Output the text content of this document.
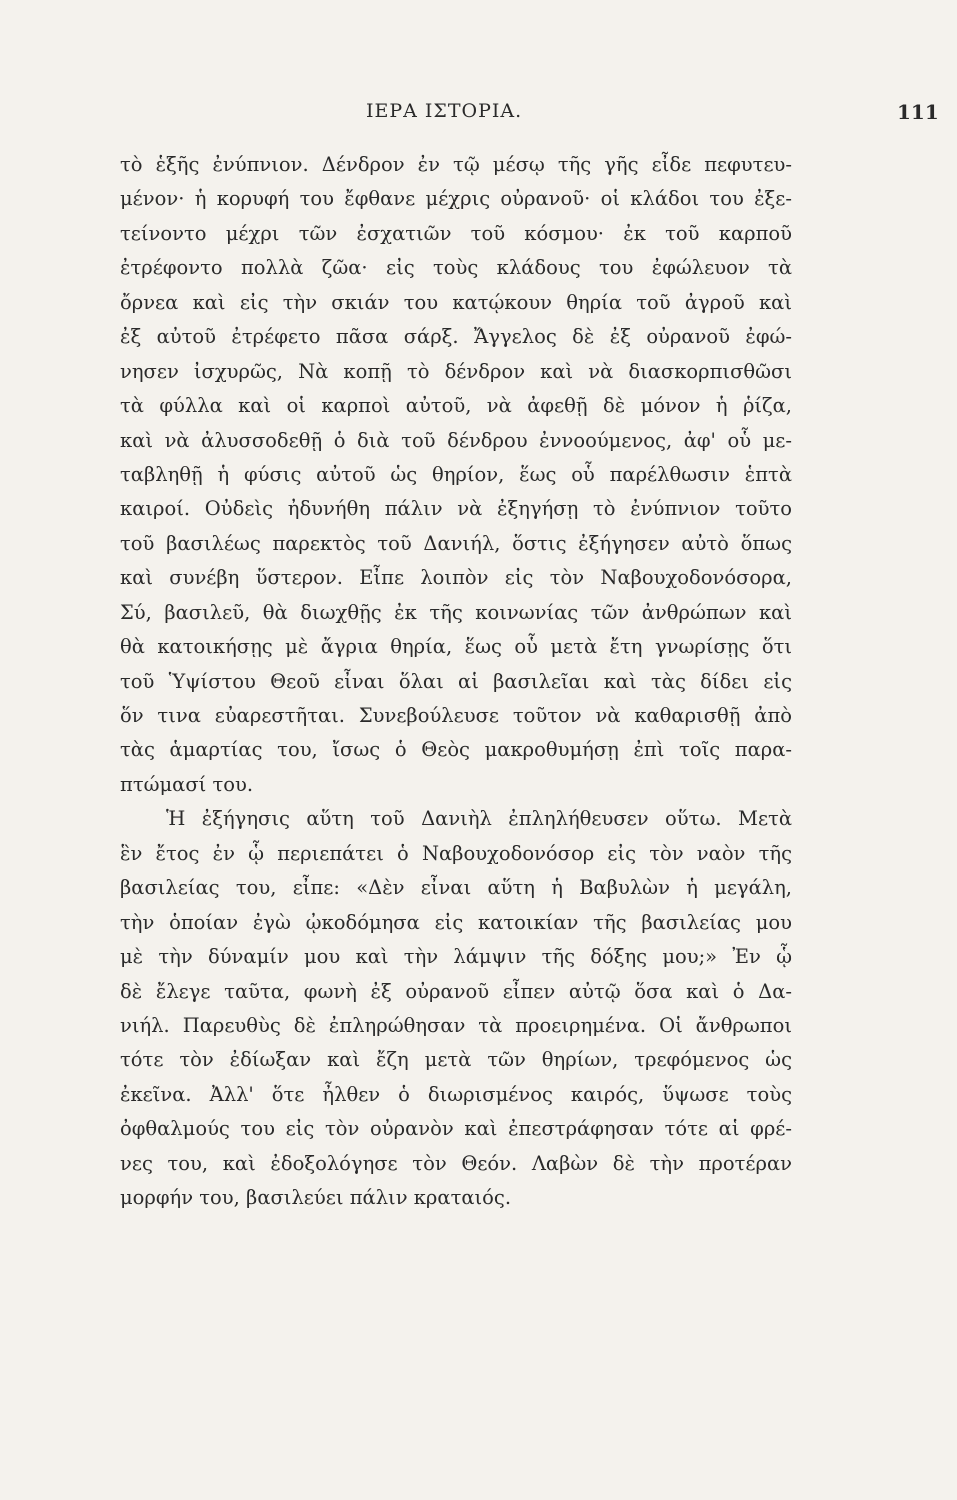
ΙΕΡΑ ΙΣΤΟΡΙΑ.	111
τὸ ἑξῆς ἐνύπνιον. Δένδρον ἐν τῷ μέσῳ τῆς γῆς εἶδε πεφυτευ-
μένον· ἡ κορυφή του ἔφθανε μέχρις οὐρανοῦ· οἱ κλάδοι του ἐξε-
τείνοντο μέχρι τῶν ἐσχατιῶν τοῦ κόσμου· ἐκ τοῦ καρποῦ
ἐτρέφοντο πολλὰ ζῶα· εἰς τοὺς κλάδους του ἐφώλευον τὰ
ὄρνεα καὶ εἰς τὴν σκιάν του κατῴκουν θηρία τοῦ ἀγροῦ καὶ
ἐξ αὐτοῦ ἐτρέφετο πᾶσα σάρξ. Ἄγγελος δὲ ἐξ οὐρανοῦ ἐφώ-
νησεν ἰσχυρῶς, Νὰ κοπῇ τὸ δένδρον καὶ νὰ διασκορπισθῶσι
τὰ φύλλα καὶ οἱ καρποὶ αὐτοῦ, νὰ ἀφεθῇ δὲ μόνον ἡ ῥίζα,
καὶ νὰ ἀλυσσοδεθῇ ὁ διὰ τοῦ δένδρου ἐννοούμενος, ἀφ' οὗ με-
ταβληθῇ ἡ φύσις αὐτοῦ ὡς θηρίον, ἕως οὗ παρέλθωσιν ἑπτὰ
καιροί. Οὐδεὶς ἠδυνήθη πάλιν νὰ ἐξηγήσῃ τὸ ἐνύπνιον τοῦτο
τοῦ βασιλέως παρεκτὸς τοῦ Δανιήλ, ὅστις ἐξήγησεν αὐτὸ ὅπως
καὶ συνέβη ὕστερον. Εἶπε λοιπὸν εἰς τὸν Ναβουχοδονόσορα,
Σύ, βασιλεῦ, θὰ διωχθῇς ἐκ τῆς κοινωνίας τῶν ἀνθρώπων καὶ
θὰ κατοικήσῃς μὲ ἄγρια θηρία, ἕως οὗ μετὰ ἔτη γνωρίσῃς ὅτι
τοῦ Ὑψίστου Θεοῦ εἶναι ὅλαι αἱ βασιλεῖαι καὶ τὰς δίδει εἰς
ὅν τινα εὐαρεστῆται. Συνεβούλευσε τοῦτον νὰ καθαρισθῇ ἀπὸ
τὰς ἁμαρτίας του, ἴσως ὁ Θεὸς μακροθυμήσῃ ἐπὶ τοῖς παρα-
πτώμασί του.
Ἡ ἐξήγησις αὕτη τοῦ Δανιὴλ ἐπληλήθευσεν οὕτω. Μετὰ
ἓν ἔτος ἐν ᾧ περιεπάτει ὁ Ναβουχοδονόσορ εἰς τὸν ναὸν τῆς
βασιλείας του, εἶπε: «Δὲν εἶναι αὕτη ἡ Βαβυλὼν ἡ μεγάλη,
τὴν ὁποίαν ἐγὼ ᾠκοδόμησα εἰς κατοικίαν τῆς βασιλείας μου
μὲ τὴν δύναμίν μου καὶ τὴν λάμψιν τῆς δόξης μου;» Ἐν ᾧ
δὲ ἔλεγε ταῦτα, φωνὴ ἐξ οὐρανοῦ εἶπεν αὐτῷ ὅσα καὶ ὁ Δα-
νιήλ. Παρευθὺς δὲ ἐπληρώθησαν τὰ προειρημένα. Οἱ ἄνθρωποι
τότε τὸν ἐδίωξαν καὶ ἔζη μετὰ τῶν θηρίων, τρεφόμενος ὡς
ἐκεῖνα. Ἀλλ' ὅτε ἦλθεν ὁ διωρισμένος καιρός, ὕψωσε τοὺς
ὀφθαλμούς του εἰς τὸν οὐρανὸν καὶ ἐπεστράφησαν τότε αἱ φρέ-
νες του, καὶ ἐδοξολόγησε τὸν Θεόν. Λαβὼν δὲ τὴν προτέραν
μορφήν του, βασιλεύει πάλιν κραταιός.
